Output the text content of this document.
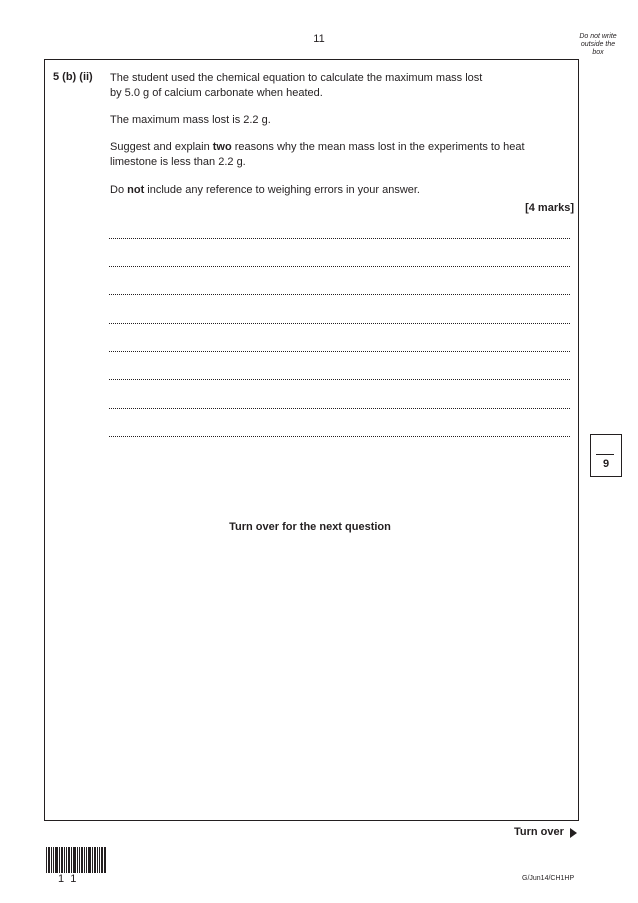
11	Do not write
outside the
box
5 (b) (ii) The student used the chemical equation to calculate the maximum mass lost
by 5.0 g of calcium carbonate when heated.
The maximum mass lost is 2.2 g.
Suggest and explain two reasons why the mean mass lost in the experiments to heat
limestone is less than 2.2 g.
Do not include any reference to weighing errors in your answer.
[4 marks]
9
Turn over for the next question
Turn over
1  1	G/Jun14/CH1HP
